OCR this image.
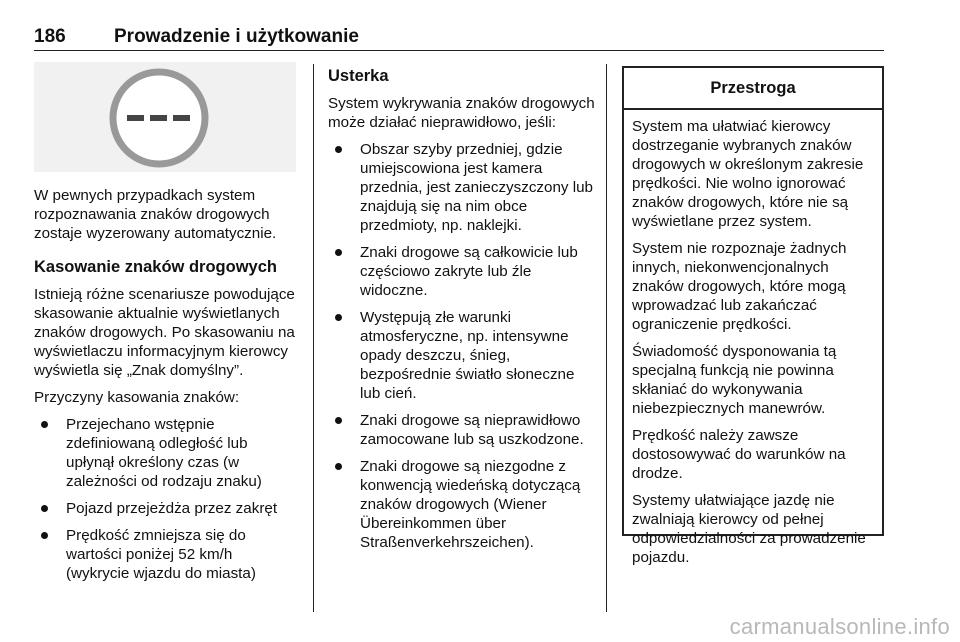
186	Prowadzenie i użytkowanie

W pewnych przypadkach system rozpoznawania znaków drogowych zostaje wyzerowany automatycznie.

Kasowanie znaków drogowych

Istnieją różne scenariusze powodujące skasowanie aktualnie wyświetlanych znaków drogowych. Po skasowaniu na wyświetlaczu informacyjnym kierowcy wyświetla się „Znak domyślny”.

Przyczyny kasowania znaków:

Przejechano wstępnie zdefiniowaną odległość lub upłynął określony czas (w zależności od rodzaju znaku)
Pojazd przejeżdża przez zakręt
Prędkość zmniejsza się do wartości poniżej 52 km/h (wykrycie wjazdu do miasta)
Usterka

System wykrywania znaków drogowych może działać nieprawidłowo, jeśli:

Obszar szyby przedniej, gdzie umiejscowiona jest kamera przednia, jest zanieczyszczony lub znajdują się na nim obce przedmioty, np. naklejki.
Znaki drogowe są całkowicie lub częściowo zakryte lub źle widoczne.
Występują złe warunki atmosferyczne, np. intensywne opady deszczu, śnieg, bezpośrednie światło słoneczne lub cień.
Znaki drogowe są nieprawidłowo zamocowane lub są uszkodzone.
Znaki drogowe są niezgodne z konwencją wiedeńską dotyczącą znaków drogowych (Wiener Übereinkommen über Straßenverkehrszeichen).
Przestroga

System ma ułatwiać kierowcy dostrzeganie wybranych znaków drogowych w określonym zakresie prędkości. Nie wolno ignorować znaków drogowych, które nie są wyświetlane przez system.

System nie rozpoznaje żadnych innych, niekonwencjonalnych znaków drogowych, które mogą wprowadzać lub zakańczać ograniczenie prędkości.

Świadomość dysponowania tą specjalną funkcją nie powinna skłaniać do wykonywania niebezpiecznych manewrów.

Prędkość należy zawsze dostosowywać do warunków na drodze.

Systemy ułatwiające jazdę nie zwalniają kierowcy od pełnej odpowiedzialności za prowadzenie pojazdu.

carmanualsonline.info
